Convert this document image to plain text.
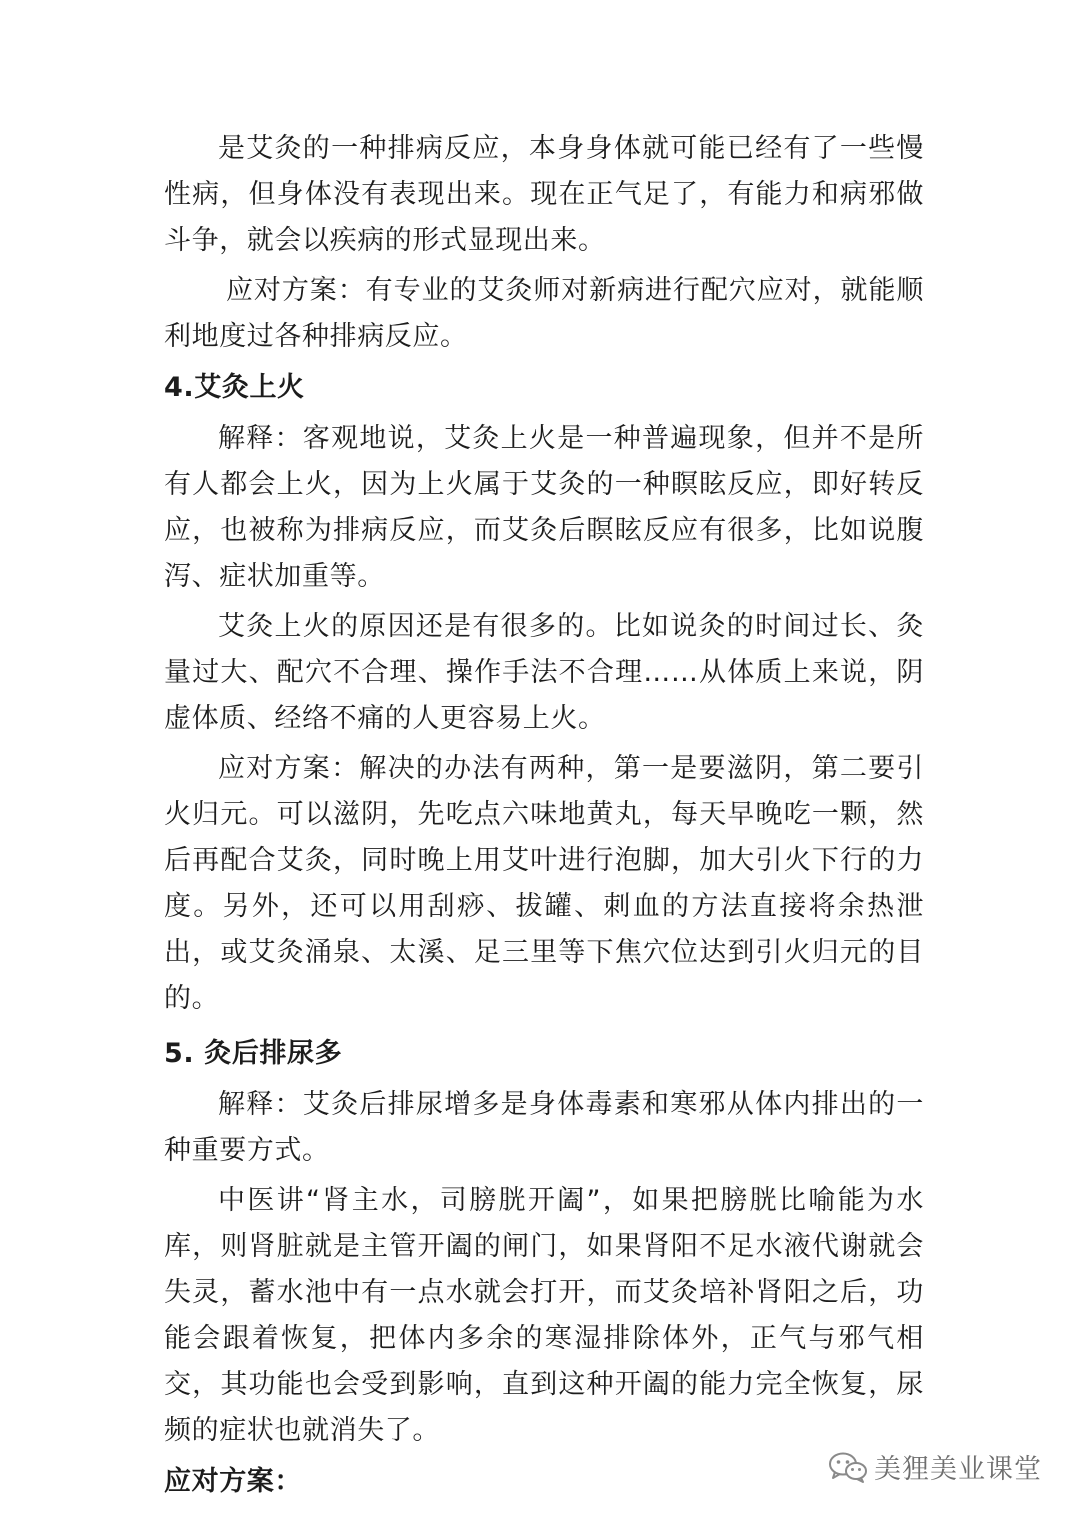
是艾灸的一种排病反应，本身身体就可能已经有了一些慢性病，但身体没有表现出来。现在正气足了，有能力和病邪做斗争，就会以疾病的形式显现出来。

应对方案：有专业的艾灸师对新病进行配穴应对，就能顺利地度过各种排病反应。

4.艾灸上火

解释：客观地说，艾灸上火是一种普遍现象，但并不是所有人都会上火，因为上火属于艾灸的一种瞑眩反应，即好转反应，也被称为排病反应，而艾灸后瞑眩反应有很多，比如说腹泻、症状加重等。

艾灸上火的原因还是有很多的。比如说灸的时间过长、灸量过大、配穴不合理、操作手法不合理……从体质上来说，阴虚体质、经络不痛的人更容易上火。

应对方案：解决的办法有两种，第一是要滋阴，第二要引火归元。可以滋阴，先吃点六味地黄丸，每天早晚吃一颗，然后再配合艾灸，同时晚上用艾叶进行泡脚，加大引火下行的力度。另外，还可以用刮痧、拔罐、刺血的方法直接将余热泄出，或艾灸涌泉、太溪、足三里等下焦穴位达到引火归元的目的。

5. 灸后排尿多

解释：艾灸后排尿增多是身体毒素和寒邪从体内排出的一种重要方式。

中医讲“肾主水，司膀胱开阖”，如果把膀胱比喻能为水库，则肾脏就是主管开阖的闸门，如果肾阳不足水液代谢就会失灵，蓄水池中有一点水就会打开，而艾灸培补肾阳之后，功能会跟着恢复，把体内多余的寒湿排除体外，正气与邪气相交，其功能也会受到影响，直到这种开阖的能力完全恢复，尿频的症状也就消失了。

应对方案：	美狸美业课堂
